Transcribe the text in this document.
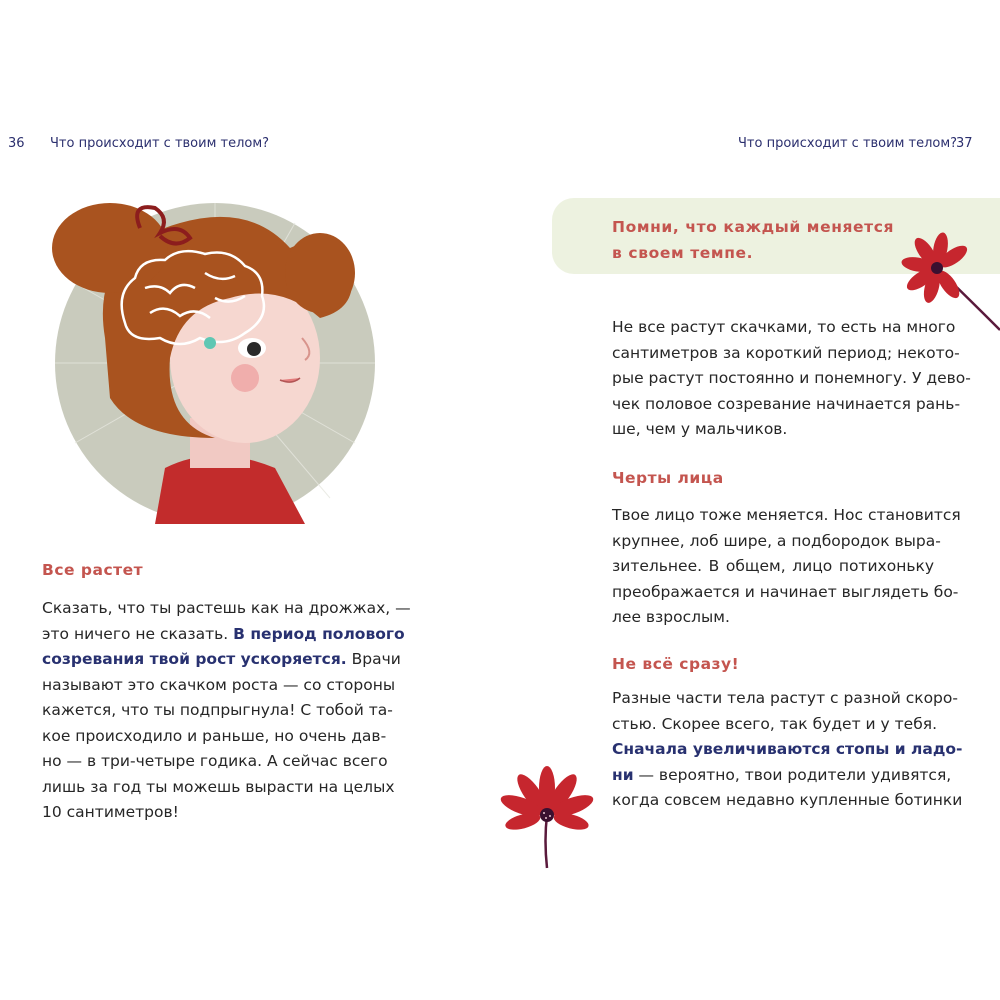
36 Что происходит с твоим телом?	Что происходит с твоим телом?
37
Все растет
Сказать, что ты растешь как на дрожжах, —
это ничего не сказать. В период полового
созревания твой рост ускоряется. Врачи
называют это скачком роста — со стороны
кажется, что ты подпрыгнула! С тобой та-
кое происходило и раньше, но очень дав-
но — в три-четыре годика. А сейчас всего
лишь за год ты можешь вырасти на целых
10 сантиметров!
Помни, что каждый меняется
в своем темпе.
Не все растут скачками, то есть на много
сантиметров за короткий период; некото-
рые растут постоянно и понемногу. У дево-
чек половое созревание начинается рань-
ше, чем у мальчиков.
Черты лица
Твое лицо тоже меняется. Нос становится
крупнее, лоб шире, а подбородок выра-
зительнее. В общем, лицо потихоньку
преображается и начинает выглядеть бо-
лее взрослым.
Не всё сразу!
Разные части тела растут с разной скоро-
стью. Скорее всего, так будет и у тебя.
Сначала увеличиваются стопы и ладо-
ни — вероятно, твои родители удивятся,
когда совсем недавно купленные ботинки
